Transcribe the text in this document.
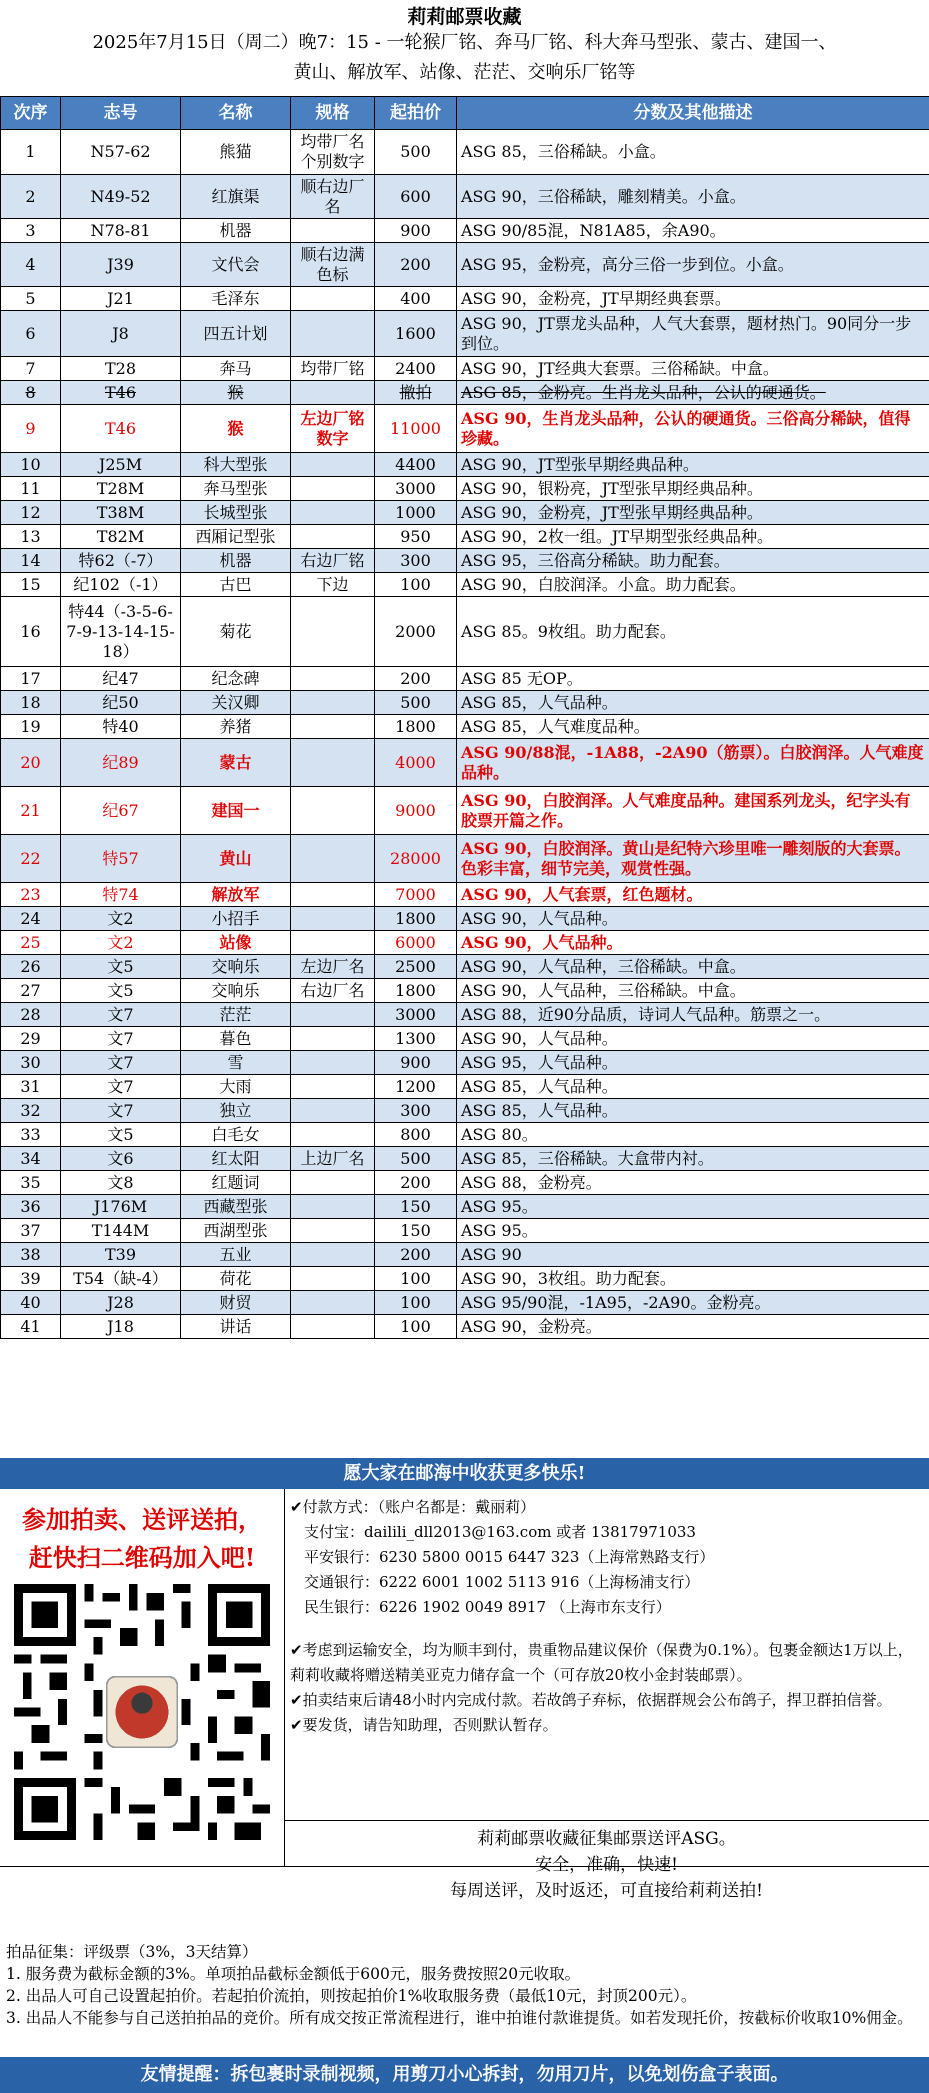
莉莉邮票收藏
2025年7月15日（周二）晚7：15 - 一轮猴厂铭、奔马厂铭、科大奔马型张、蒙古、建国一、
黄山、解放军、站像、茫茫、交响乐厂铭等
次序	志号	名称	规格	起拍价	分数及其他描述
1	N57-62	熊猫	均带厂名个别数字	500	ASG 85，三俗稀缺。小盒。
2	N49-52	红旗渠	顺右边厂名	600	ASG 90，三俗稀缺，雕刻精美。小盒。
3	N78-81	机器		900	ASG 90/85混，N81A85，余A90。
4	J39	文代会	顺右边满色标	200	ASG 95，金粉亮，高分三俗一步到位。小盒。
5	J21	毛泽东		400	ASG 90，金粉亮，JT早期经典套票。
6	J8	四五计划		1600	ASG 90，JT票龙头品种，人气大套票，题材热门。90同分一步到位。
7	T28	奔马	均带厂铭	2400	ASG 90，JT经典大套票。三俗稀缺。中盒。
8	T46	猴		撤拍	ASG 85，金粉亮。生肖龙头品种，公认的硬通货。
9	T46	猴	左边厂铭数字	11000	ASG 90，生肖龙头品种，公认的硬通货。三俗高分稀缺，值得珍藏。
10	J25M	科大型张		4400	ASG 90，JT型张早期经典品种。
11	T28M	奔马型张		3000	ASG 90，银粉亮，JT型张早期经典品种。
12	T38M	长城型张		1000	ASG 90，金粉亮，JT型张早期经典品种。
13	T82M	西厢记型张		950	ASG 90，2枚一组。JT早期型张经典品种。
14	特62（-7）	机器	右边厂铭	300	ASG 95，三俗高分稀缺。助力配套。
15	纪102（-1）	古巴	下边	100	ASG 90，白胶润泽。小盒。助力配套。
16	特44（-3-5-6-7-9-13-14-15-18）	菊花		2000	ASG 85。9枚组。助力配套。
17	纪47	纪念碑		200	ASG 85 无OP。
18	纪50	关汉卿		500	ASG 85，人气品种。
19	特40	养猪		1800	ASG 85，人气难度品种。
20	纪89	蒙古		4000	ASG 90/88混，-1A88，-2A90（筋票）。白胶润泽。人气难度品种。
21	纪67	建国一		9000	ASG 90，白胶润泽。人气难度品种。建国系列龙头，纪字头有胶票开篇之作。
22	特57	黄山		28000	ASG 90，白胶润泽。黄山是纪特六珍里唯一雕刻版的大套票。色彩丰富，细节完美，观赏性强。
23	特74	解放军		7000	ASG 90，人气套票，红色题材。
24	文2	小招手		1800	ASG 90，人气品种。
25	文2	站像		6000	ASG 90，人气品种。
26	文5	交响乐	左边厂名	2500	ASG 90，人气品种，三俗稀缺。中盒。
27	文5	交响乐	右边厂名	1800	ASG 90，人气品种，三俗稀缺。中盒。
28	文7	茫茫		3000	ASG 88，近90分品质，诗词人气品种。筋票之一。
29	文7	暮色		1300	ASG 90，人气品种。
30	文7	雪		900	ASG 95，人气品种。
31	文7	大雨		1200	ASG 85，人气品种。
32	文7	独立		300	ASG 85，人气品种。
33	文5	白毛女		800	ASG 80。
34	文6	红太阳	上边厂名	500	ASG 85，三俗稀缺。大盒带内衬。
35	文8	红题词		200	ASG 88，金粉亮。
36	J176M	西藏型张		150	ASG 95。
37	T144M	西湖型张		150	ASG 95。
38	T39	五业		200	ASG 90
39	T54（缺-4）	荷花		100	ASG 90，3枚组。助力配套。
40	J28	财贸		100	ASG 95/90混，-1A95，-2A90。金粉亮。
41	J18	讲话		100	ASG 90，金粉亮。
愿大家在邮海中收获更多快乐!
参加拍卖、送评送拍，
赶快扫二维码加入吧!

✔付款方式：（账户名都是：戴丽莉）

支付宝：dailili_dll2013@163.com 或者 13817971033

平安银行：6230 5800 0015 6447 323（上海常熟路支行）

交通银行：6222 6001 1002 5113 916（上海杨浦支行）

民生银行：6226 1902 0049 8917 （上海市东支行）

✔考虑到运输安全，均为顺丰到付，贵重物品建议保价（保费为0.1%）。包裹金额达1万以上，莉莉收藏将赠送精美亚克力储存盒一个（可存放20枚小金封装邮票）。

✔拍卖结束后请48小时内完成付款。若故鸽子弃标，依据群规会公布鸽子，捍卫群拍信誉。

✔要发货，请告知助理，否则默认暂存。

莉莉邮票收藏征集邮票送评ASG。
安全，准确，快速!
每周送评，及时返还，可直接给莉莉送拍!

拍品征集：评级票（3%，3天结算）

1. 服务费为截标金额的3%。单项拍品截标金额低于600元，服务费按照20元收取。

2. 出品人可自己设置起拍价。若起拍价流拍，则按起拍价1%收取服务费（最低10元，封顶200元）。

3. 出品人不能参与自己送拍拍品的竞价。所有成交按正常流程进行，谁中拍谁付款谁提货。如若发现托价，按截标价收取10%佣金。

友情提醒：拆包裹时录制视频，用剪刀小心拆封，勿用刀片，以免划伤盒子表面。
